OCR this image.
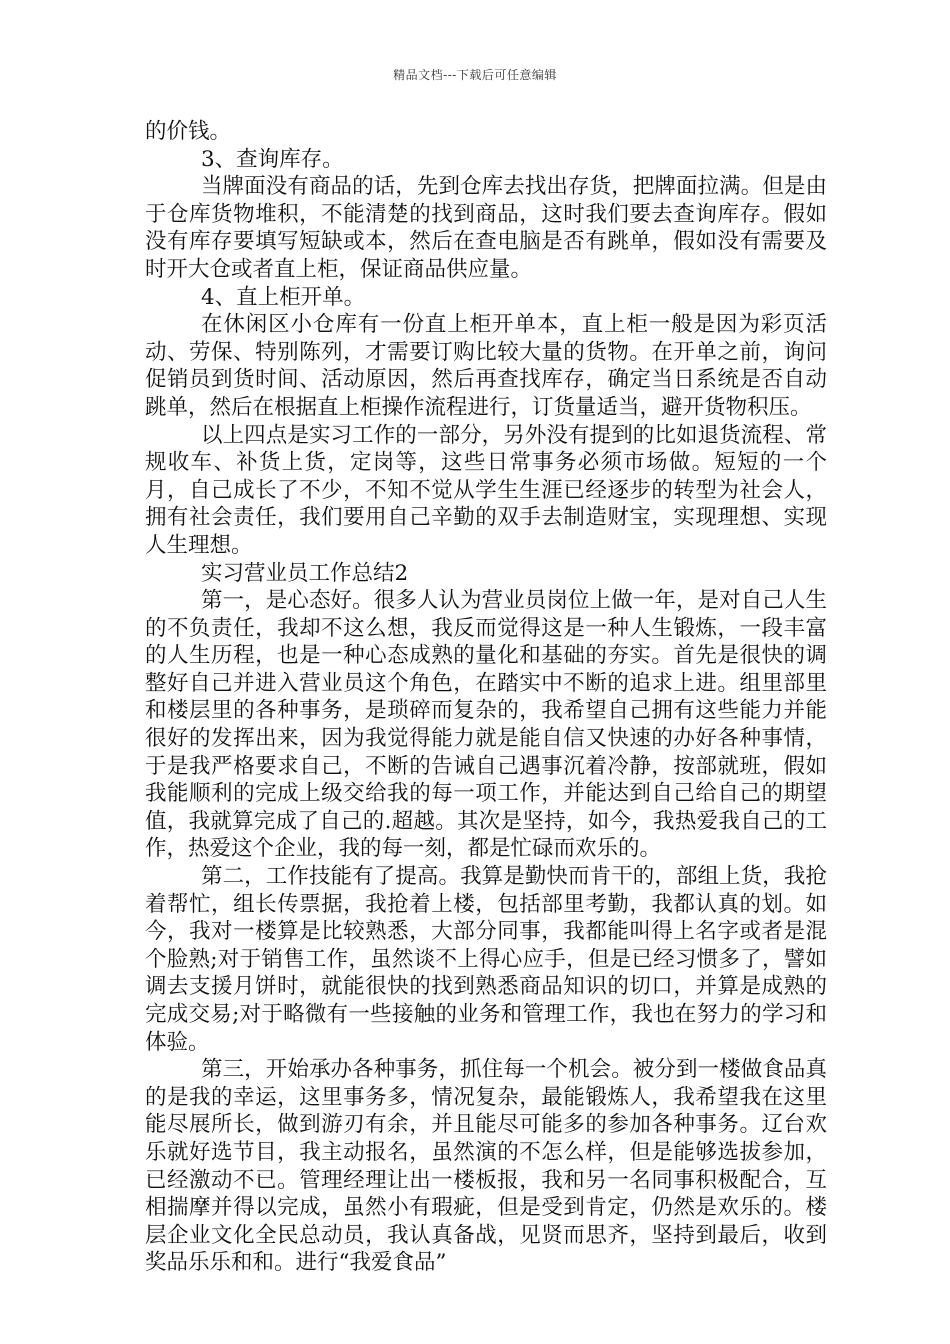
精品文档---下载后可任意编辑

的价钱。

3、查询库存。

当牌面没有商品的话，先到仓库去找出存货，把牌面拉满。但是由于仓库货物堆积，不能清楚的找到商品，这时我们要去查询库存。假如没有库存要填写短缺或本，然后在查电脑是否有跳单，假如没有需要及时开大仓或者直上柜，保证商品供应量。

4、直上柜开单。

在休闲区小仓库有一份直上柜开单本，直上柜一般是因为彩页活动、劳保、特别陈列，才需要订购比较大量的货物。在开单之前，询问促销员到货时间、活动原因，然后再查找库存，确定当日系统是否自动跳单，然后在根据直上柜操作流程进行，订货量适当，避开货物积压。

以上四点是实习工作的一部分，另外没有提到的比如退货流程、常规收车、补货上货，定岗等，这些日常事务必须市场做。短短的一个月，自己成长了不少，不知不觉从学生生涯已经逐步的转型为社会人，拥有社会责任，我们要用自己辛勤的双手去制造财宝，实现理想、实现人生理想。

实习营业员工作总结2

第一，是心态好。很多人认为营业员岗位上做一年，是对自己人生的不负责任，我却不这么想，我反而觉得这是一种人生锻炼，一段丰富的人生历程，也是一种心态成熟的量化和基础的夯实。首先是很快的调整好自己并进入营业员这个角色，在踏实中不断的追求上进。组里部里和楼层里的各种事务，是琐碎而复杂的，我希望自己拥有这些能力并能很好的发挥出来，因为我觉得能力就是能自信又快速的办好各种事情，于是我严格要求自己，不断的告诫自己遇事沉着冷静，按部就班，假如我能顺利的完成上级交给我的每一项工作，并能达到自己给自己的期望值，我就算完成了自己的.超越。其次是坚持，如今，我热爱我自己的工作，热爱这个企业，我的每一刻，都是忙碌而欢乐的。

第二，工作技能有了提高。我算是勤快而肯干的，部组上货，我抢着帮忙，组长传票据，我抢着上楼，包括部里考勤，我都认真的划。如今，我对一楼算是比较熟悉，大部分同事，我都能叫得上名字或者是混个脸熟;对于销售工作，虽然谈不上得心应手，但是已经习惯多了，譬如调去支援月饼时，就能很快的找到熟悉商品知识的切口，并算是成熟的完成交易;对于略微有一些接触的业务和管理工作，我也在努力的学习和体验。

第三，开始承办各种事务，抓住每一个机会。被分到一楼做食品真的是我的幸运，这里事务多，情况复杂，最能锻炼人，我希望我在这里能尽展所长，做到游刃有余，并且能尽可能多的参加各种事务。辽台欢乐就好选节目，我主动报名，虽然演的不怎么样，但是能够选拔参加，已经激动不已。管理经理让出一楼板报，我和另一名同事积极配合，互相揣摩并得以完成，虽然小有瑕疵，但是受到肯定，仍然是欢乐的。楼层企业文化全民总动员，我认真备战，见贤而思齐，坚持到最后，收到奖品乐乐和和。进行“我爱食品”
